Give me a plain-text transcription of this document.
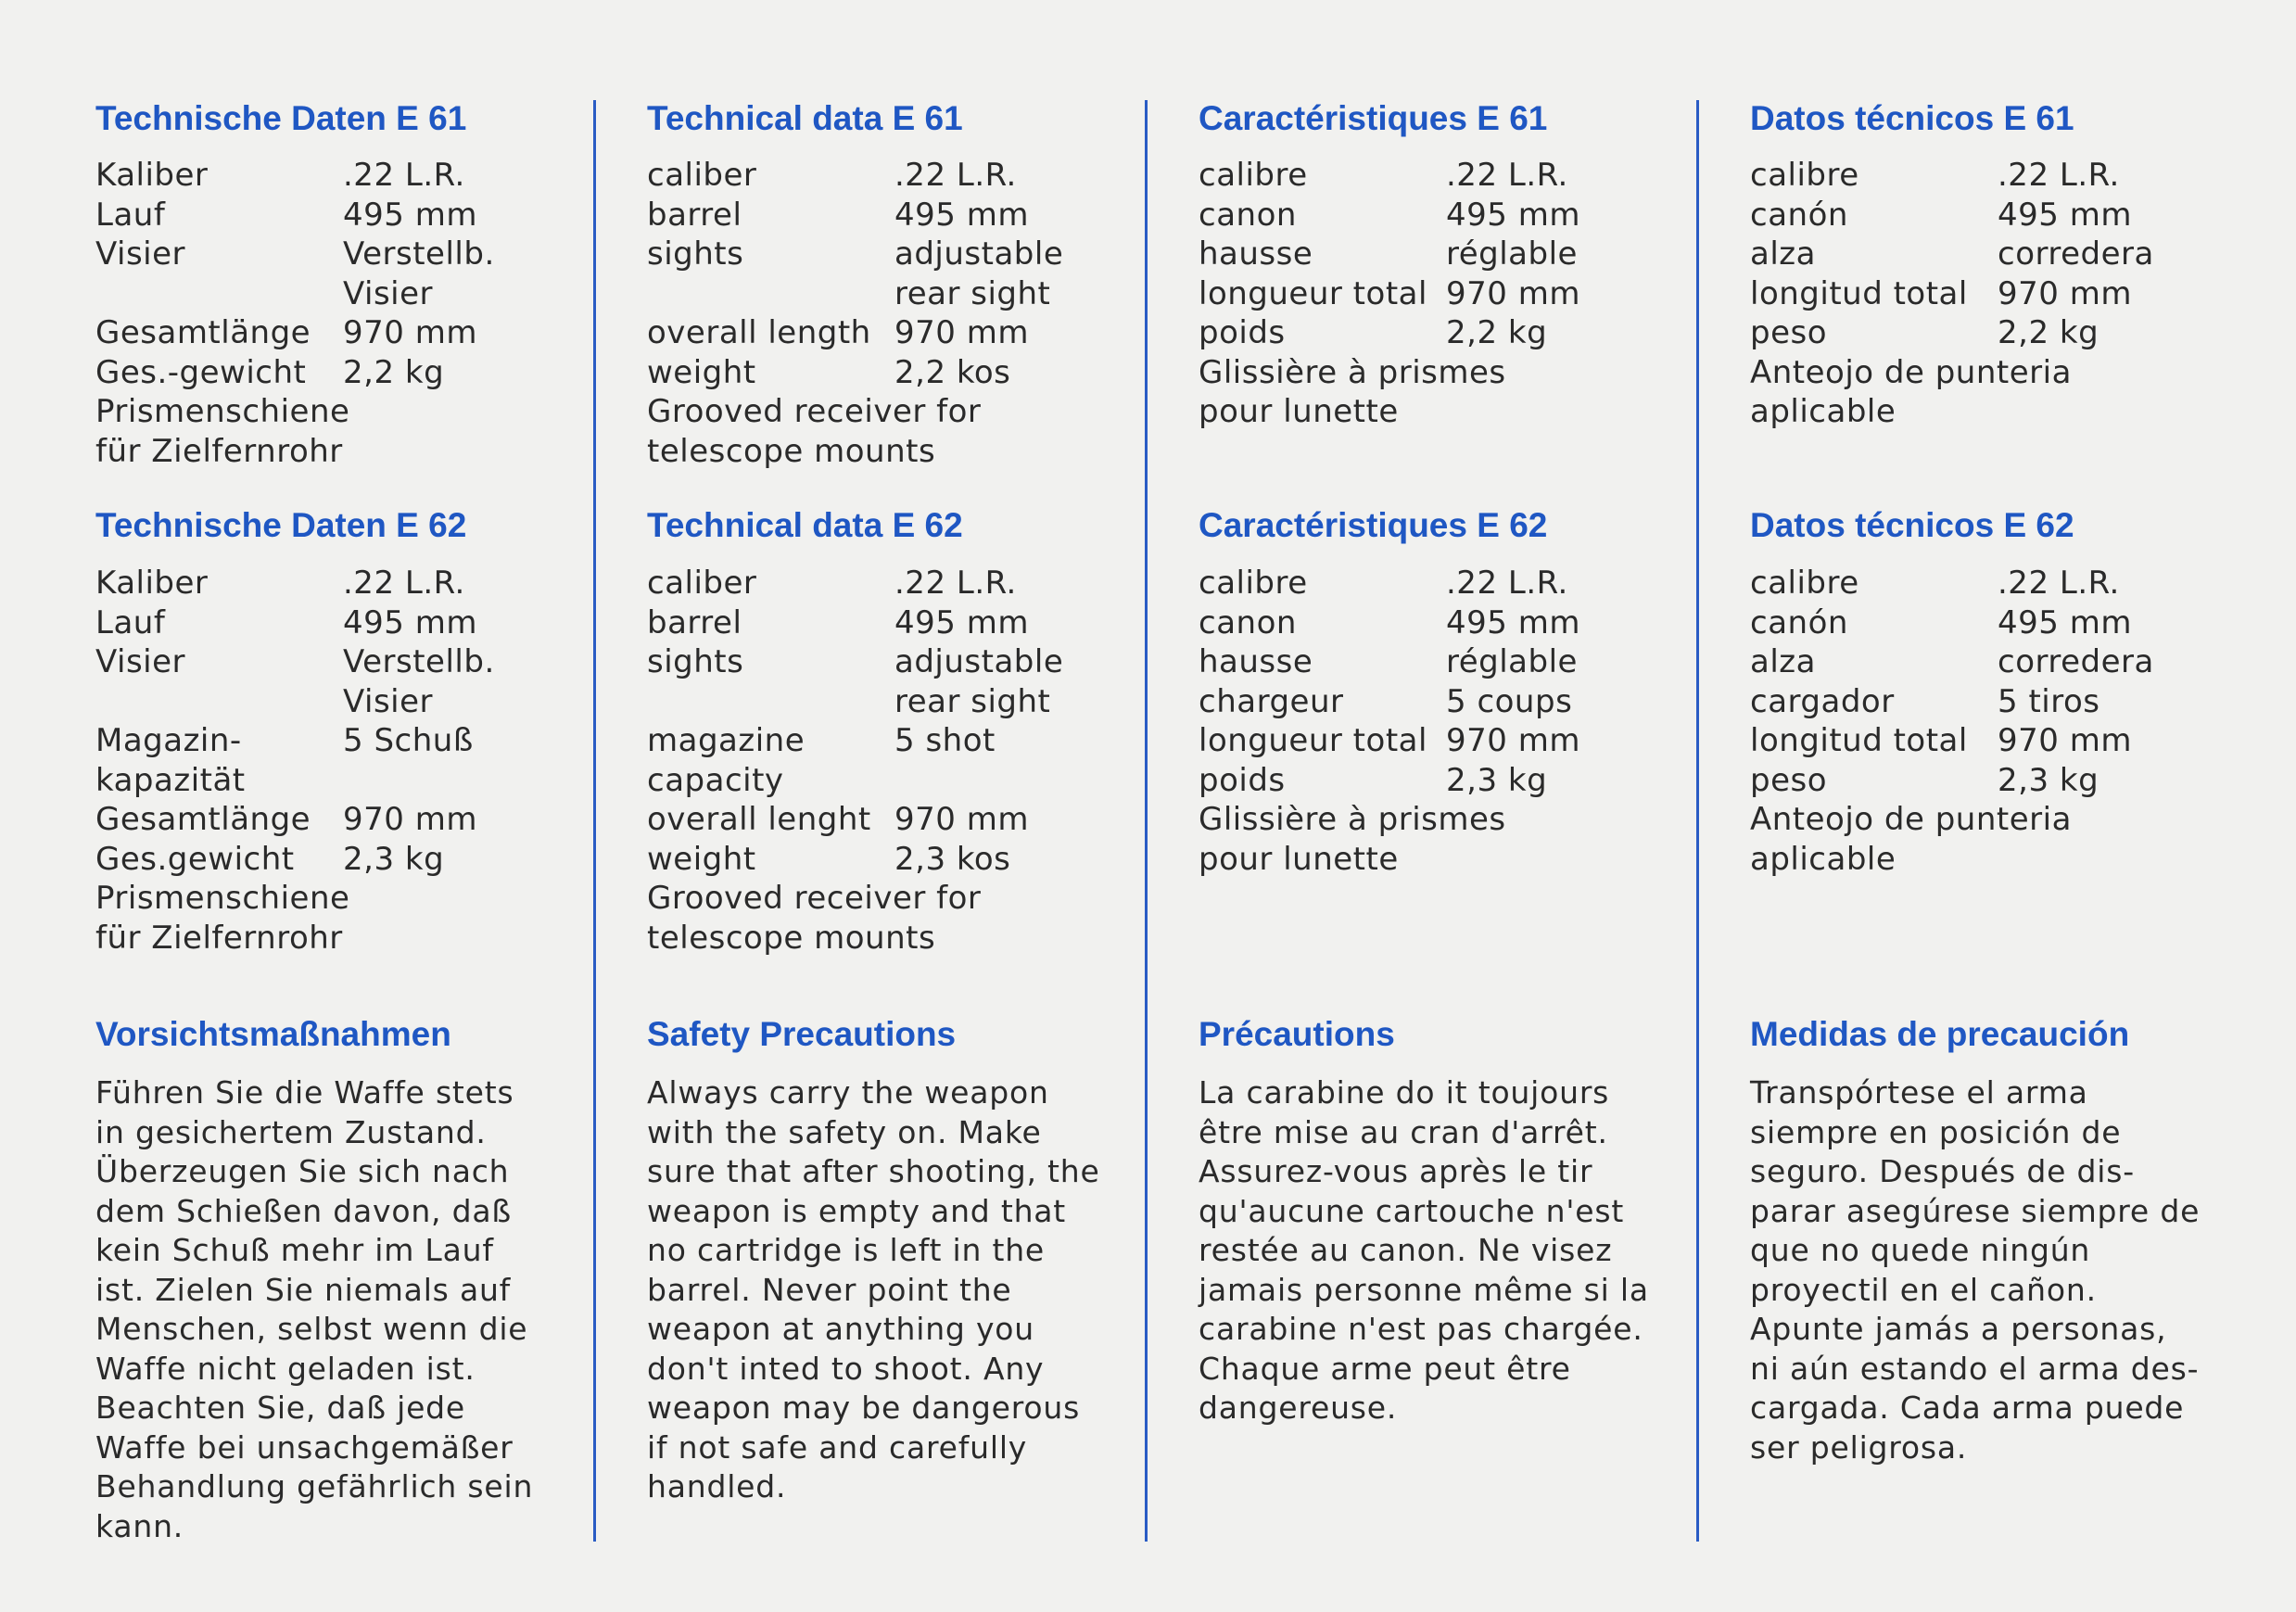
Technische Daten E 61
Kaliber	.22 L.R.
Lauf	495 mm
Visier	Verstellb.
Visier
Gesamtlänge	970 mm
Ges.-gewicht	2,2 kg
Prismenschiene
für Zielfernrohr
Kaliber	.22 L.R.
Lauf	495 mm
Visier	Verstellb.
Visier
Magazin-	5 Schuß
kapazität
Gesamtlänge	970 mm
Ges.gewicht	2,3 kg
Prismenschiene
für Zielfernrohr
Technische Daten E 62
Vorsichtsmaßnahmen

Führen Sie die Waffe stets
in gesichertem Zustand.
Überzeugen Sie sich nach
dem Schießen davon, daß
kein Schuß mehr im Lauf
ist. Zielen Sie niemals auf
Menschen, selbst wenn die
Waffe nicht geladen ist.
Beachten Sie, daß jede
Waffe bei unsachgemäßer
Behandlung gefährlich sein
kann.

Technical data E 61
caliber	.22 L.R.
barrel	495 mm
sights	adjustable
rear sight
overall length 970 mm
weight	2,2 kos
Grooved receiver for
telescope mounts
caliber	.22 L.R.
barrel	495 mm
sights	adjustable
rear sight
magazine	5 shot
capacity
overall lenght 970 mm
weight	2,3 kos
Grooved receiver for
telescope mounts
Technical data E 62
Safety Precautions

Always carry the weapon
with the safety on. Make
sure that after shooting, the
weapon is empty and that
no cartridge is left in the
barrel. Never point the
weapon at anything you
don't inted to shoot. Any
weapon may be dangerous
if not safe and carefully
handled.

Caractéristiques E 61
calibre	.22 L.R.
canon	495 mm
hausse	réglable
longueur total 970 mm
poids	2,2 kg
Glissière à prismes
pour lunette
calibre	.22 L.R.
canon	495 mm
hausse	réglable
chargeur	5 coups
longueur total 970 mm
poids	2,3 kg
Glissière à prismes
pour lunette
Caractéristiques E 62
Précautions

La carabine do it toujours
être mise au cran d'arrêt.
Assurez-vous après le tir
qu'aucune cartouche n'est
restée au canon. Ne visez
jamais personne même si la
carabine n'est pas chargée.
Chaque arme peut être
dangereuse.

Datos técnicos E 61
calibre	.22 L.R.
canón	495 mm
alza	corredera
longitud total 970 mm
peso	2,2 kg
Anteojo de punteria
aplicable
calibre	.22 L.R.
canón	495 mm
alza	corredera
cargador	5 tiros
longitud total 970 mm
peso	2,3 kg
Anteojo de punteria
aplicable
Datos técnicos E 62
Medidas de precaución

Transpórtese el arma
siempre en posición de
seguro. Después de dis-
parar asegúrese siempre de
que no quede ningún
proyectil en el cañon.
Apunte jamás a personas,
ni aún estando el arma des-
cargada. Cada arma puede
ser peligrosa.
